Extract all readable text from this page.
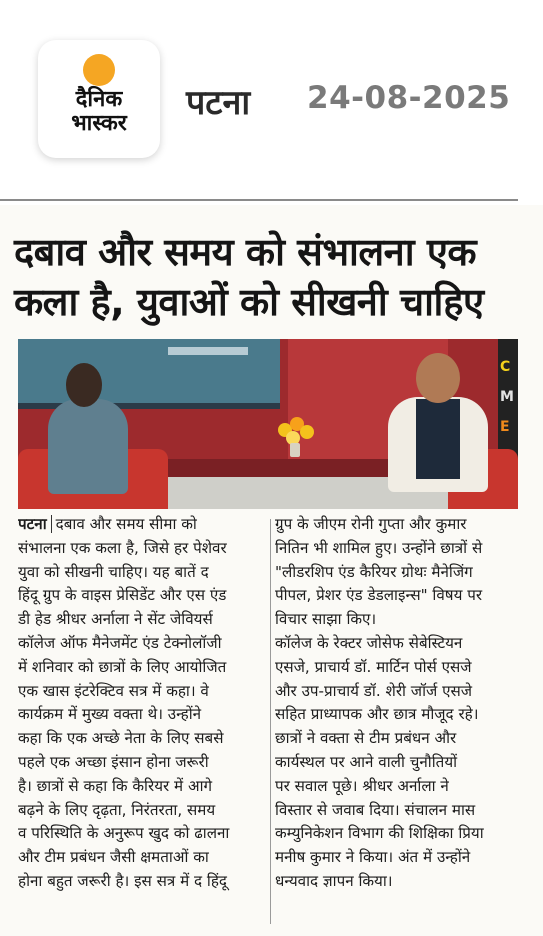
दैनिक
भास्कर
पटना 24-08-2025
दबाव और समय को संभालना एक
कला है, युवाओं को सीखनी चाहिए
C
M
E
पटना दबाव और समय सीमा को
संभालना एक कला है, जिसे हर पेशेवर
युवा को सीखनी चाहिए। यह बातें द
हिंदू ग्रुप के वाइस प्रेसिडेंट और एस एंड
डी हेड श्रीधर अर्नाला ने सेंट जेवियर्स
कॉलेज ऑफ मैनेजमेंट एंड टेक्नोलॉजी
में शनिवार को छात्रों के लिए आयोजित
एक खास इंटरेक्टिव सत्र में कहा। वे
कार्यक्रम में मुख्य वक्ता थे। उन्होंने
कहा कि एक अच्छे नेता के लिए सबसे
पहले एक अच्छा इंसान होना जरूरी
है। छात्रों से कहा कि कैरियर में आगे
बढ़ने के लिए दृढ़ता, निरंतरता, समय
व परिस्थिति के अनुरूप खुद को ढालना
और टीम प्रबंधन जैसी क्षमताओं का
होना बहुत जरूरी है। इस सत्र में द हिंदू
ग्रुप के जीएम रोनी गुप्ता और कुमार
नितिन भी शामिल हुए। उन्होंने छात्रों से
"लीडरशिप एंड कैरियर ग्रोथः मैनेजिंग
पीपल, प्रेशर एंड डेडलाइन्स" विषय पर
विचार साझा किए।
कॉलेज के रेक्टर जोसेफ सेबेस्टियन
एसजे, प्राचार्य डॉ. मार्टिन पोर्स एसजे
और उप-प्राचार्य डॉ. शेरी जॉर्ज एसजे
सहित प्राध्यापक और छात्र मौजूद रहे।
छात्रों ने वक्ता से टीम प्रबंधन और
कार्यस्थल पर आने वाली चुनौतियों
पर सवाल पूछे। श्रीधर अर्नाला ने
विस्तार से जवाब दिया। संचालन मास
कम्युनिकेशन विभाग की शिक्षिका प्रिया
मनीष कुमार ने किया। अंत में उन्होंने
धन्यवाद ज्ञापन किया।
